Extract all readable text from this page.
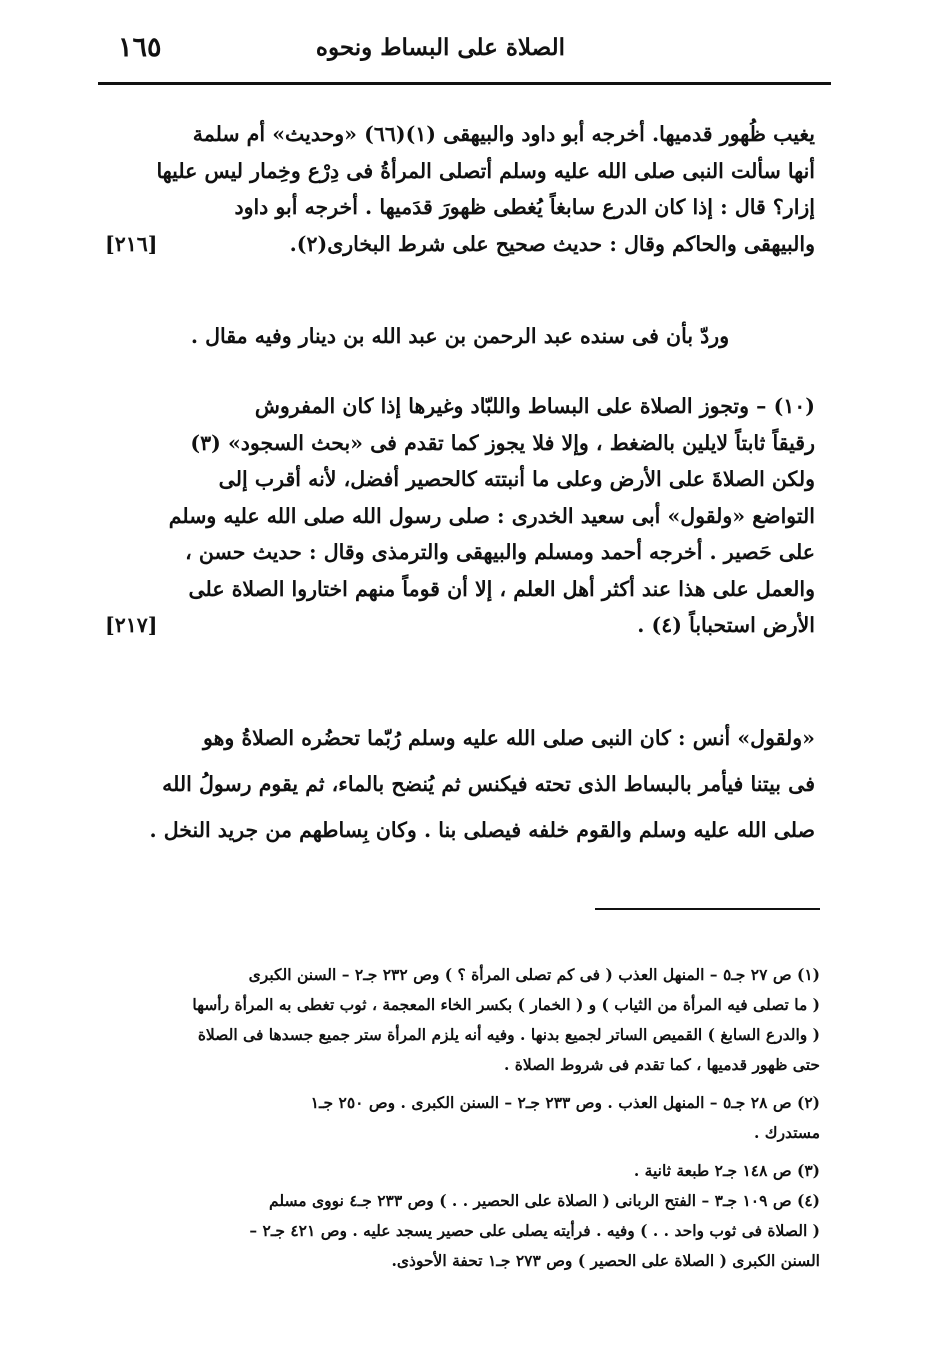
١٦٥	الصلاة على البساط ونحوه
يغيب ظُهور قدميها. أخرجه أبو داود والبيهقى (١)(٦٦) «وحديث» أم سلمة
أنها سألت النبى صلى الله عليه وسلم أتصلى المرأةُ فى دِرْع وخِمار ليس عليها
إزار؟ قال : إذا كان الدرع سابغاً يُغطى ظهورَ قدَميها . أخرجه أبو داود
والبيهقى والحاكم وقال : حديث صحيح على شرط البخارى(٢).
[٢١٦]
وردّ بأن فى سنده عبد الرحمن بن عبد الله بن دينار وفيه مقال .
(١٠) – وتجوز الصلاة على البساط واللبّاد وغيرها إذا كان المفروش
رقيقاً ثابتاً لايلين بالضغط ، وإلا فلا يجوز كما تقدم فى «بحث السجود» (٣)
ولكن الصلاةَ على الأرض وعلى ما أنبتته كالحصير أفضل، لأنه أقرب إلى
التواضع «ولقول» أبى سعيد الخدرى : صلى رسول الله صلى الله عليه وسلم
على حَصير . أخرجه أحمد ومسلم والبيهقى والترمذى وقال : حديث حسن ،
والعمل على هذا عند أكثر أهل العلم ، إلا أن قوماً منهم اختاروا الصلاة على
الأرض استحباباً (٤) .
[٢١٧]
«ولقول» أنس : كان النبى صلى الله عليه وسلم رُبّما تحضُره الصلاةُ وهو
فى بيتنا فيأمر بالبساط الذى تحته فيكنس ثم يُنضح بالماء، ثم يقوم رسولُ الله
صلى الله عليه وسلم والقوم خلفه فيصلى بنا . وكان بِساطهم من جريد النخل .
(١) ص ٢٧ جـ٥ – المنهل العذب ( فى كم تصلى المرأة ؟ ) وص ٢٣٢ جـ٢ – السنن الكبرى
( ما تصلى فيه المرأة من الثياب ) و ( الخمار ) بكسر الخاء المعجمة ، ثوب تغطى به المرأة رأسها
( والدرع السابغ ) القميص الساتر لجميع بدنها . وفيه أنه يلزم المرأة ستر جميع جسدها فى الصلاة
حتى ظهور قدميها ، كما تقدم فى شروط الصلاة .
(٢) ص ٢٨ جـ٥ – المنهل العذب . وص ٢٣٣ جـ٢ – السنن الكبرى . وص ٢٥٠ جـ١
مستدرك .
(٣) ص ١٤٨ جـ٢ طبعة ثانية .
(٤) ص ١٠٩ جـ٣ – الفتح الربانى ( الصلاة على الحصير . . ) وص ٢٣٣ جـ٤ نووى مسلم
( الصلاة فى ثوب واحد . . ) وفيه . فرأيته يصلى على حصير يسجد عليه . وص ٤٢١ جـ٢ –
السنن الكبرى ( الصلاة على الحصير ) وص ٢٧٣ جـ١ تحفة الأحوذى.
